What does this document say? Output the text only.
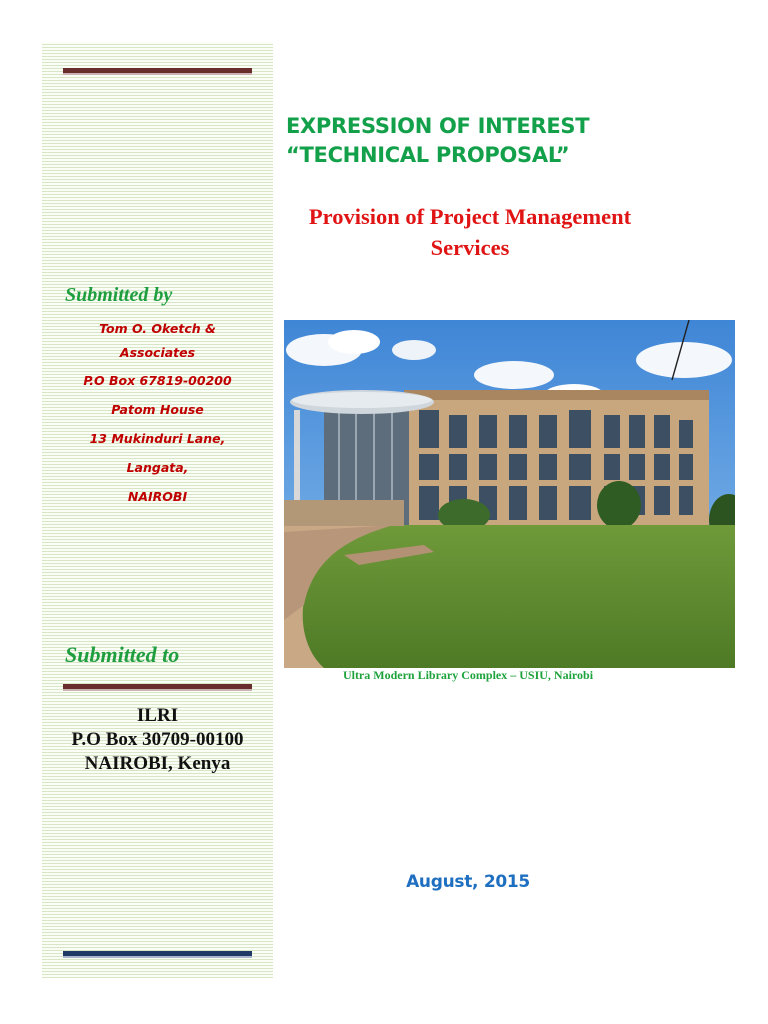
Submitted by
Tom O. Oketch &
Associates
P.O Box 67819-00200
Patom House
13 Mukinduri Lane,
Langata,
NAIROBI
Submitted to
ILRI
P.O Box 30709-00100
NAIROBI, Kenya
EXPRESSION OF INTEREST
“TECHNICAL PROPOSAL”
Provision of Project Management
Services

Ultra Modern Library Complex – USIU, Nairobi

August, 2015
